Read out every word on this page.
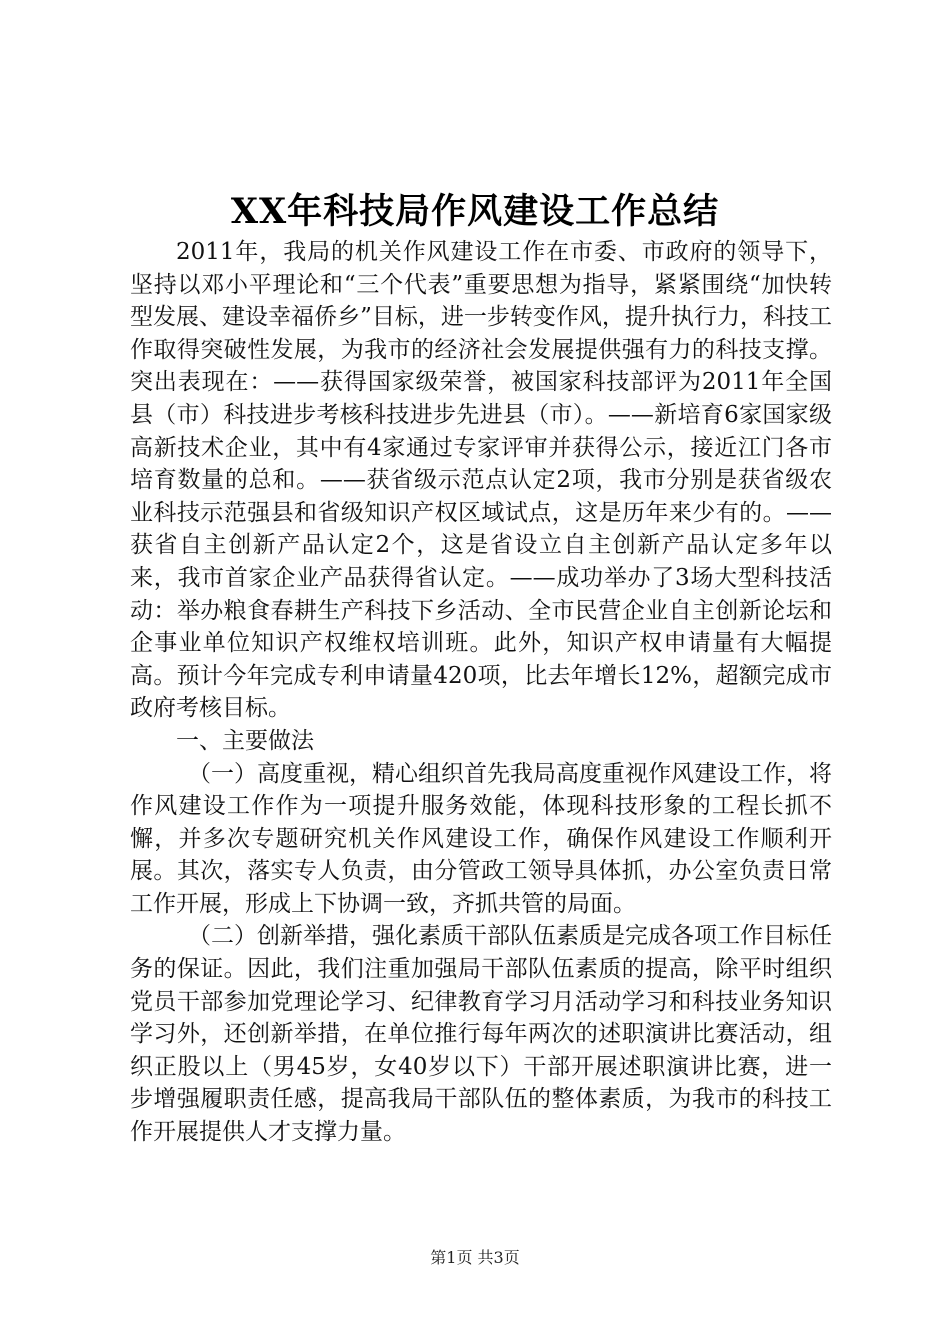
XX年科技局作风建设工作总结

2011年，我局的机关作风建设工作在市委、市政府的领导下，坚持以邓小平理论和“三个代表”重要思想为指导，紧紧围绕“加快转型发展、建设幸福侨乡”目标，进一步转变作风，提升执行力，科技工作取得突破性发展，为我市的经济社会发展提供强有力的科技支撑。突出表现在：——获得国家级荣誉，被国家科技部评为2011年全国县（市）科技进步考核科技进步先进县（市）。——新培育6家国家级高新技术企业，其中有4家通过专家评审并获得公示，接近江门各市培育数量的总和。——获省级示范点认定2项，我市分别是获省级农业科技示范强县和省级知识产权区域试点，这是历年来少有的。——获省自主创新产品认定2个，这是省设立自主创新产品认定多年以来，我市首家企业产品获得省认定。——成功举办了3场大型科技活动：举办粮食春耕生产科技下乡活动、全市民营企业自主创新论坛和企事业单位知识产权维权培训班。此外，知识产权申请量有大幅提高。预计今年完成专利申请量420项，比去年增长12%，超额完成市政府考核目标。

一、主要做法

（一）高度重视，精心组织首先我局高度重视作风建设工作，将作风建设工作作为一项提升服务效能，体现科技形象的工程长抓不懈，并多次专题研究机关作风建设工作，确保作风建设工作顺利开展。其次，落实专人负责，由分管政工领导具体抓，办公室负责日常工作开展，形成上下协调一致，齐抓共管的局面。

（二）创新举措，强化素质干部队伍素质是完成各项工作目标任务的保证。因此，我们注重加强局干部队伍素质的提高，除平时组织党员干部参加党理论学习、纪律教育学习月活动学习和科技业务知识学习外，还创新举措，在单位推行每年两次的述职演讲比赛活动，组织正股以上（男45岁，女40岁以下）干部开展述职演讲比赛，进一步增强履职责任感，提高我局干部队伍的整体素质，为我市的科技工作开展提供人才支撑力量。

第1页 共3页
